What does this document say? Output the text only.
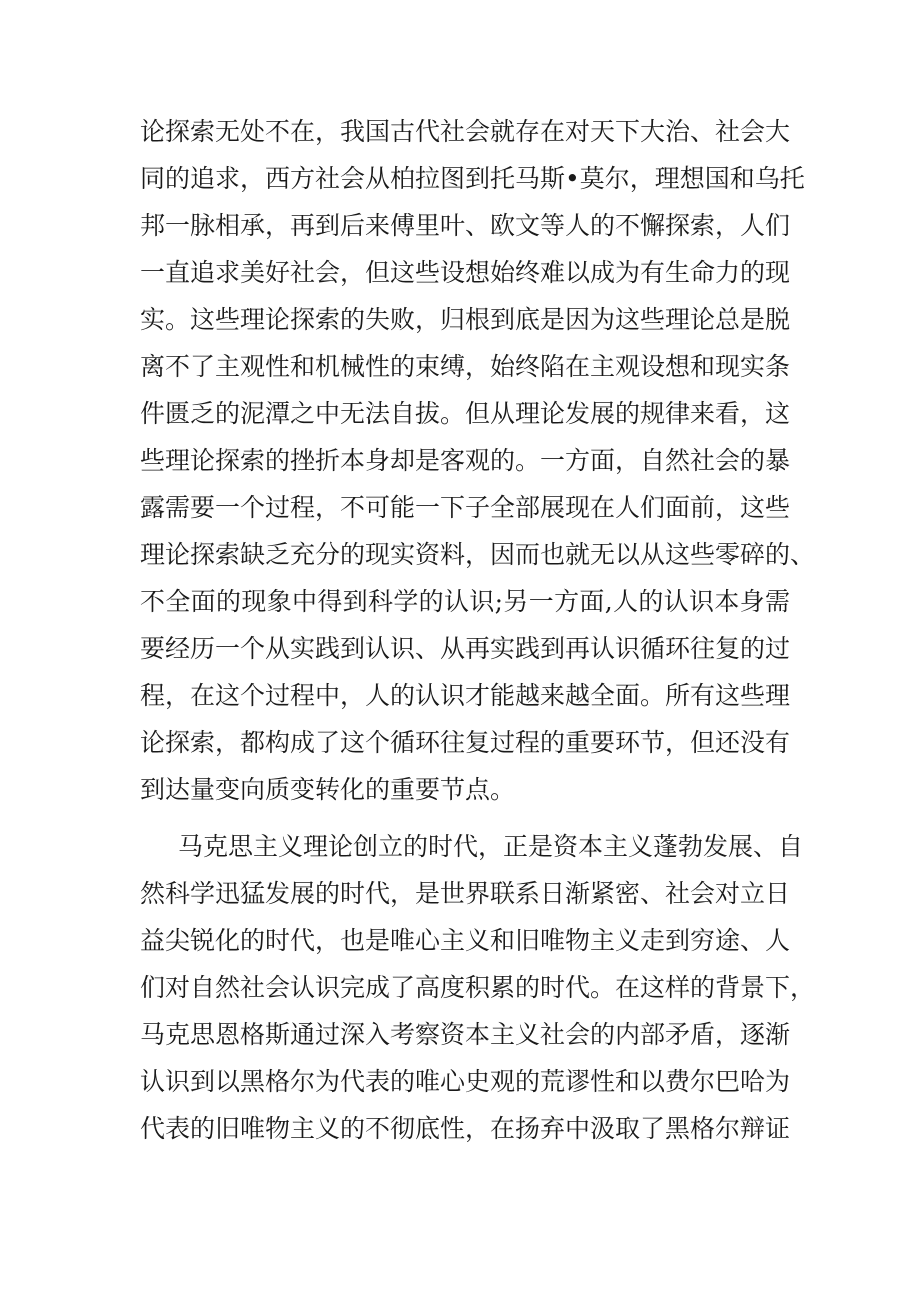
论探索无处不在，我国古代社会就存在对天下大治、社会大

同的追求，西方社会从柏拉图到托马斯•莫尔，理想国和乌托

邦一脉相承，再到后来傅里叶、欧文等人的不懈探索，人们

一直追求美好社会，但这些设想始终难以成为有生命力的现

实。这些理论探索的失败，归根到底是因为这些理论总是脱

离不了主观性和机械性的束缚，始终陷在主观设想和现实条

件匮乏的泥潭之中无法自拔。但从理论发展的规律来看，这

些理论探索的挫折本身却是客观的。一方面，自然社会的暴

露需要一个过程，不可能一下子全部展现在人们面前，这些

理论探索缺乏充分的现实资料，因而也就无以从这些零碎的、

不全面的现象中得到科学的认识;另一方面,人的认识本身需

要经历一个从实践到认识、从再实践到再认识循环往复的过

程，在这个过程中，人的认识才能越来越全面。所有这些理

论探索，都构成了这个循环往复过程的重要环节，但还没有

到达量变向质变转化的重要节点。

马克思主义理论创立的时代，正是资本主义蓬勃发展、自

然科学迅猛发展的时代，是世界联系日渐紧密、社会对立日

益尖锐化的时代，也是唯心主义和旧唯物主义走到穷途、人

们对自然社会认识完成了高度积累的时代。在这样的背景下，

马克思恩格斯通过深入考察资本主义社会的内部矛盾，逐渐

认识到以黑格尔为代表的唯心史观的荒谬性和以费尔巴哈为

代表的旧唯物主义的不彻底性，在扬弃中汲取了黑格尔辩证
